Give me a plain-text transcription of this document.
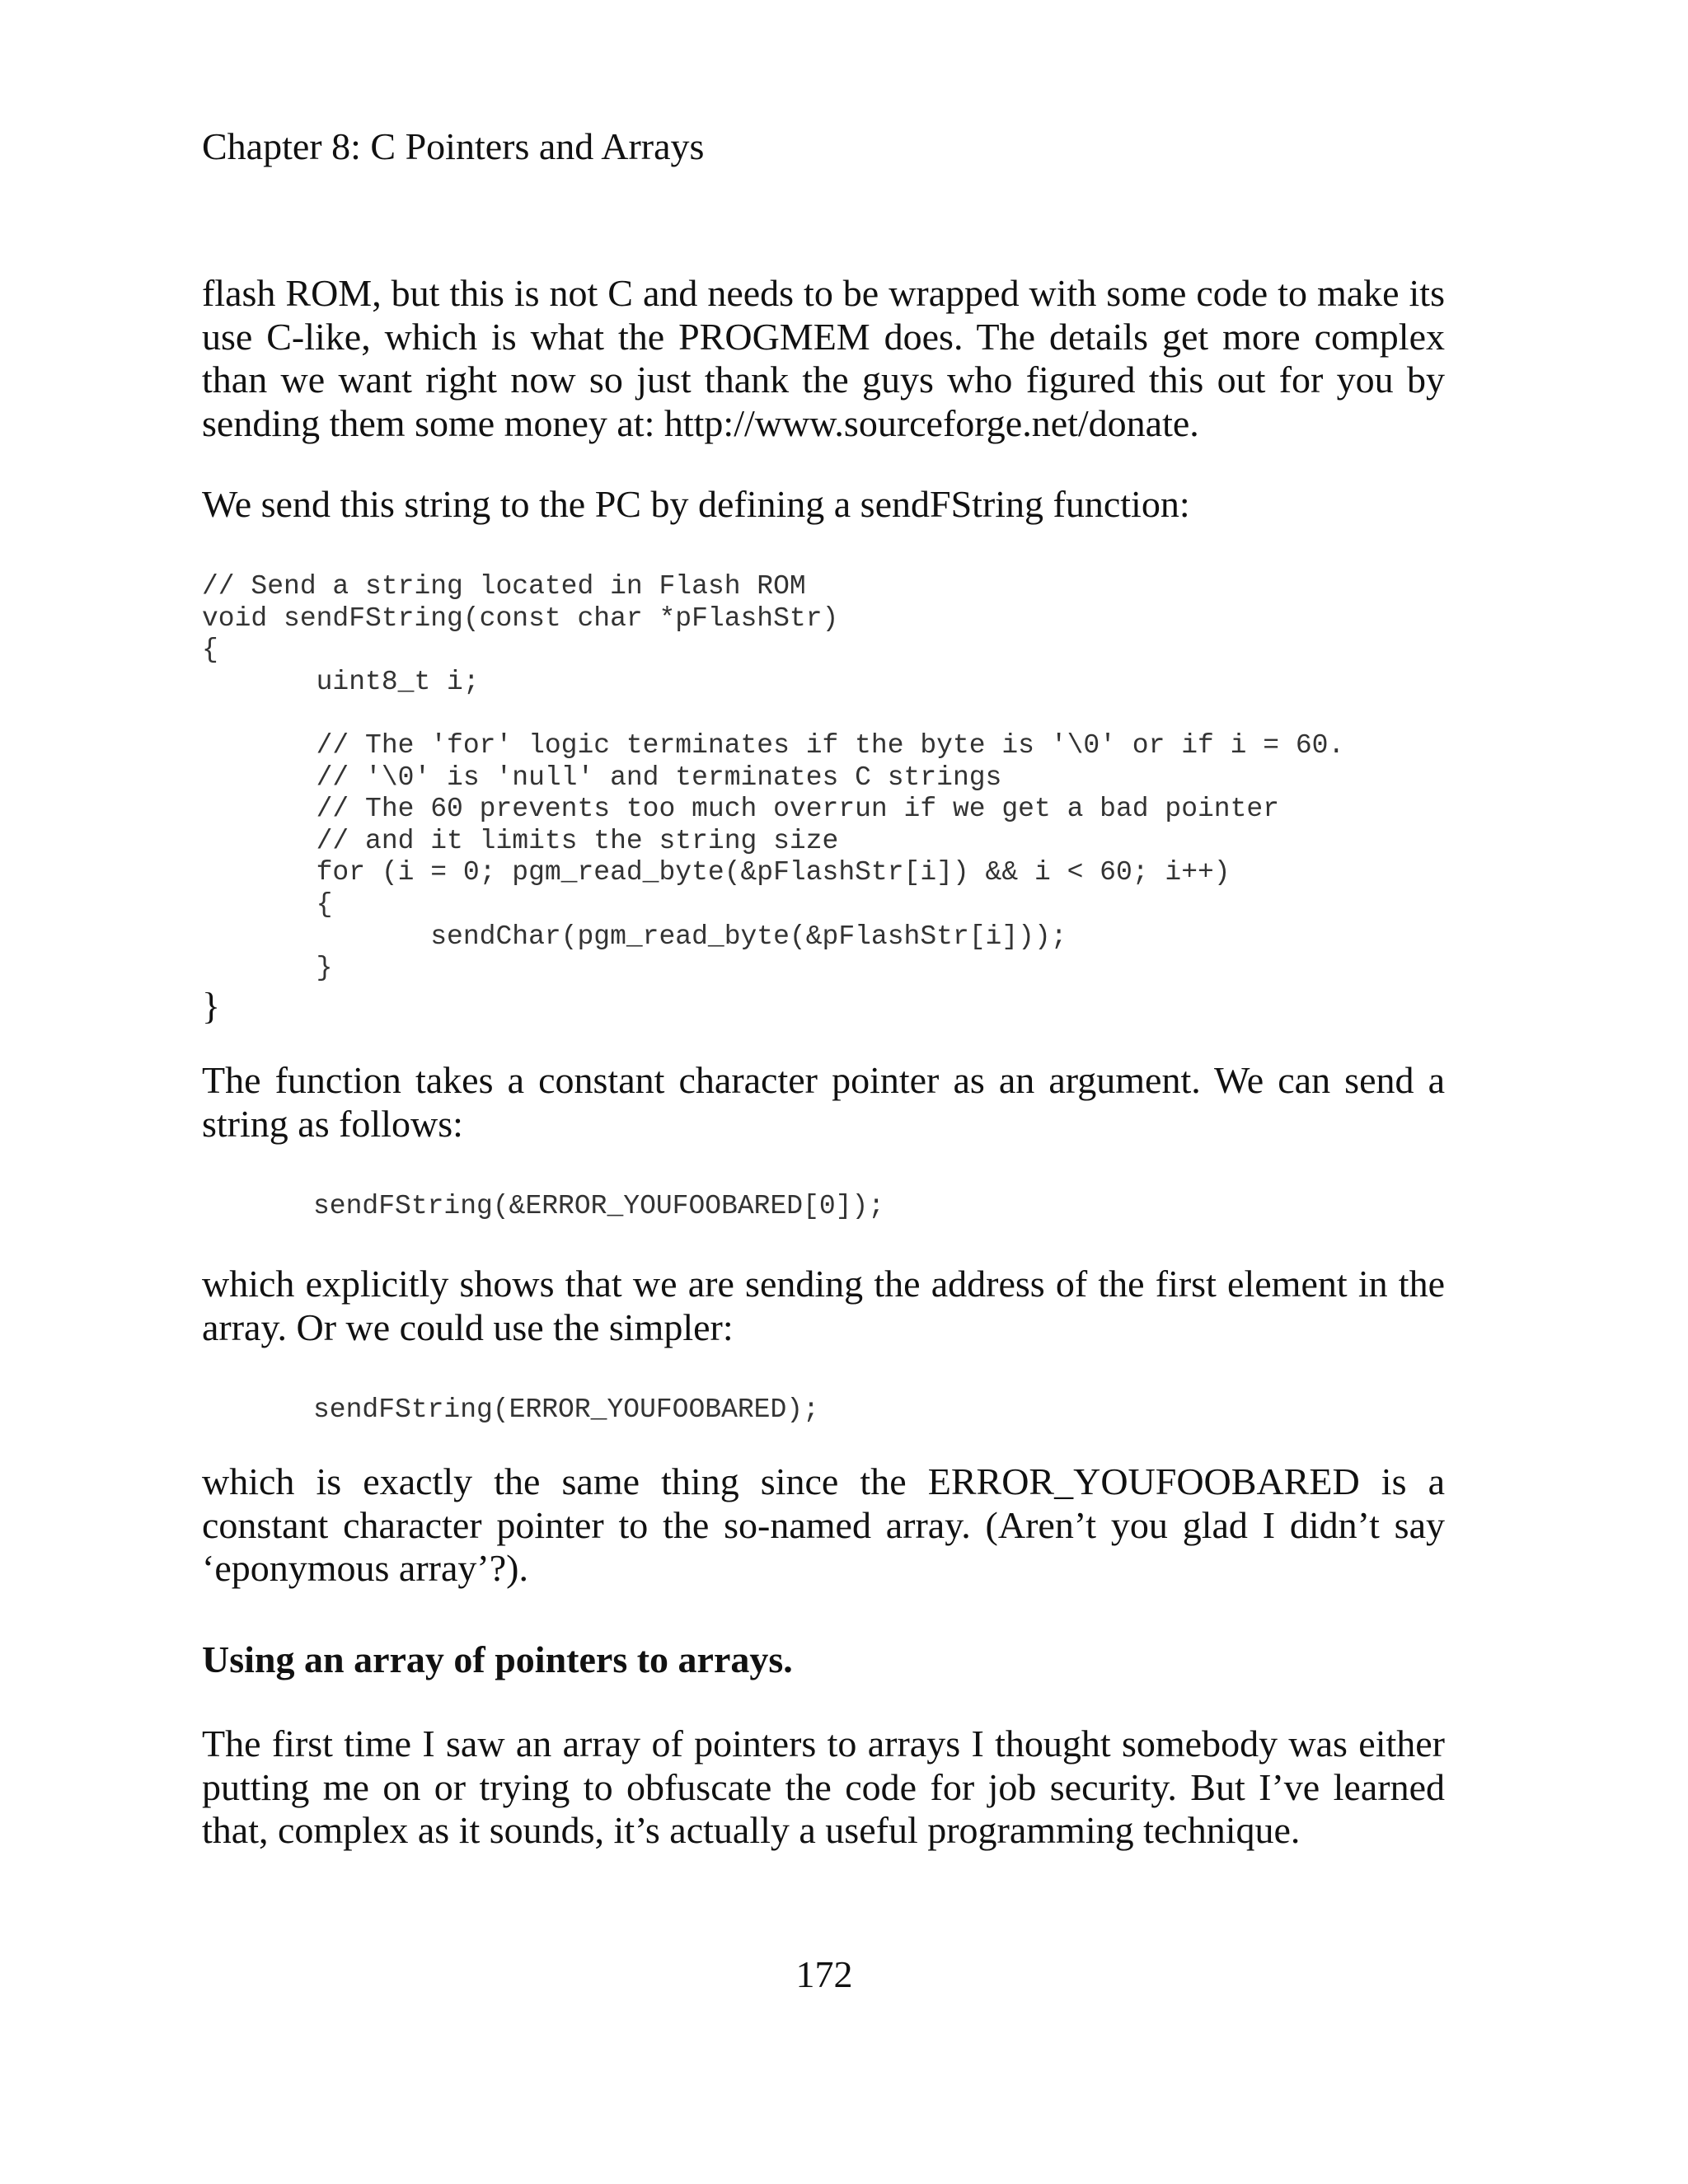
Chapter 8: C Pointers and Arrays

flash ROM, but this is not C and needs to be wrapped with some code to make its use C-like, which is what the PROGMEM does. The details get more complex than we want right now so just thank the guys who figured this out for you by sending them some money at: http://www.sourceforge.net/donate.

We send this string to the PC by defining a sendFString function:

// Send a string located in Flash ROM
void sendFString(const char *pFlashStr)
{
uint8_t i;

// The 'for' logic terminates if the byte is '\0' or if i = 60.
// '\0' is 'null' and terminates C strings
// The 60 prevents too much overrun if we get a bad pointer
// and it limits the string size
for (i = 0; pgm_read_byte(&pFlashStr[i]) && i < 60; i++)
{
sendChar(pgm_read_byte(&pFlashStr[i]));
}
}

The function takes a constant character pointer as an argument. We can send a string as follows:

sendFString(&ERROR_YOUFOOBARED[0]);

which explicitly shows that we are sending the address of the first element in the array. Or we could use the simpler:

sendFString(ERROR_YOUFOOBARED);

which is exactly the same thing since the ERROR_YOUFOOBARED is a constant character pointer to the so-named array. (Aren’t you glad I didn’t say ‘eponymous array’?).

Using an array of pointers to arrays.

The first time I saw an array of pointers to arrays I thought somebody was either putting me on or trying to obfuscate the code for job security. But I’ve learned that, complex as it sounds, it’s actually a useful programming technique.

172
